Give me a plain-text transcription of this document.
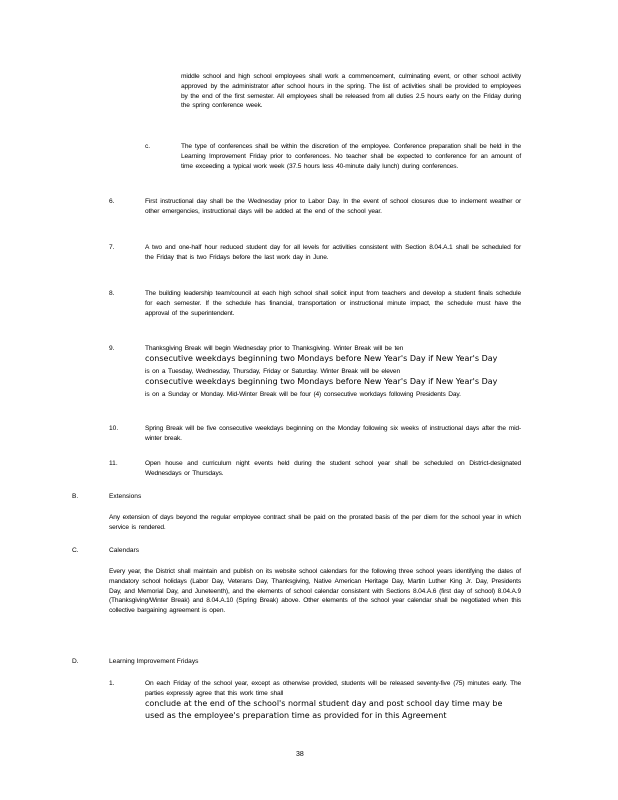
middle school and high school employees shall work a commencement, culminating event, or other school activity approved by the administrator after school hours in the spring. The list of activities shall be provided to employees by the end of the first semester. All employees shall be released from all duties 2.5 hours early on the Friday during the spring conference week.
c.	The type of conferences shall be within the discretion of the employee. Conference preparation shall be held in the Learning Improvement Friday prior to conferences. No teacher shall be expected to conference for an amount of time exceeding a typical work week (37.5 hours less 40-minute daily lunch) during conferences.
6.	First instructional day shall be the Wednesday prior to Labor Day. In the event of school closures due to inclement weather or other emergencies, instructional days will be added at the end of the school year.
7.	A two and one-half hour reduced student day for all levels for activities consistent with Section 8.04.A.1 shall be scheduled for the Friday that is two Fridays before the last work day in June.
8.	The building leadership team/council at each high school shall solicit input from teachers and develop a student finals schedule for each semester. If the schedule has financial, transportation or instructional minute impact, the schedule must have the approval of the superintendent.
9.	Thanksgiving Break will begin Wednesday prior to Thanksgiving. Winter Break will be ten
consecutive weekdays beginning two Mondays before New Year's Day if New Year's Day
is on a Tuesday, Wednesday, Thursday, Friday or Saturday. Winter Break will be eleven
consecutive weekdays beginning two Mondays before New Year's Day if New Year's Day
is on a Sunday or Monday. Mid-Winter Break will be four (4) consecutive workdays following Presidents Day.
10.	Spring Break will be five consecutive weekdays beginning on the Monday following six weeks of instructional days after the mid-winter break.
11.	Open house and curriculum night events held during the student school year shall be scheduled on District-designated Wednesdays or Thursdays.
B.	Extensions
Any extension of days beyond the regular employee contract shall be paid on the prorated basis of the per diem for the school year in which service is rendered.
C.	Calendars
Every year, the District shall maintain and publish on its website school calendars for the following three school years identifying the dates of mandatory school holidays (Labor Day, Veterans Day, Thanksgiving, Native American Heritage Day, Martin Luther King Jr. Day, Presidents Day, and Memorial Day, and Juneteenth), and the elements of school calendar consistent with Sections 8.04.A.6 (first day of school) 8.04.A.9 (Thanksgiving/Winter Break) and 8.04.A.10 (Spring Break) above. Other elements of the school year calendar shall be negotiated when this collective bargaining agreement is open.
D.	Learning Improvement Fridays
1.	On each Friday of the school year, except as otherwise provided, students will be released seventy-five (75) minutes early. The parties expressly agree that this work time shall
conclude at the end of the school's normal student day and post school day time may be
used as the employee's preparation time as provided for in this Agreement
38
